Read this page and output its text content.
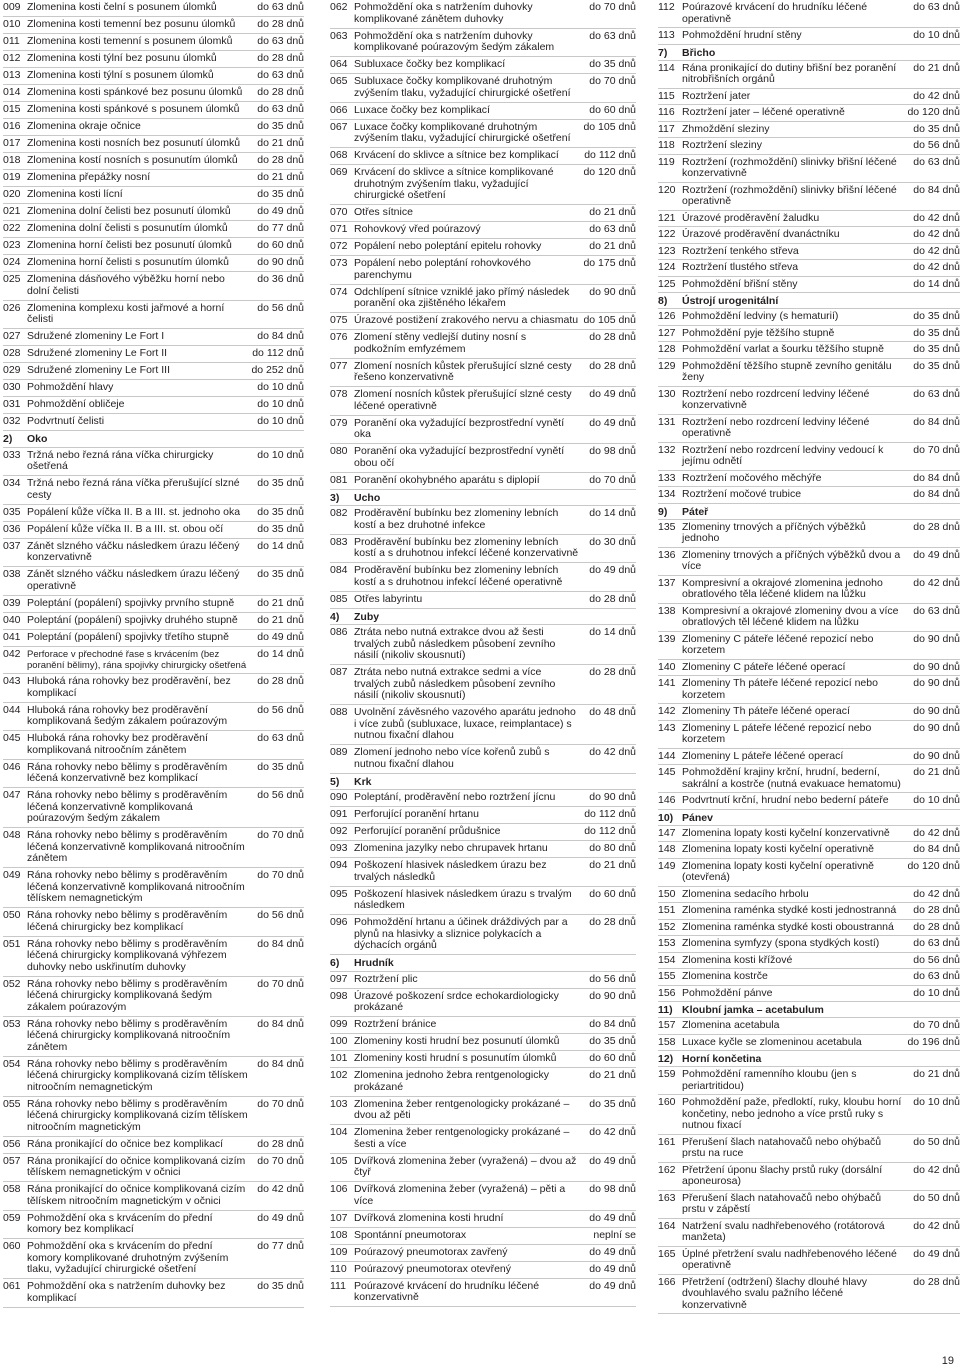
009 Zlomenina kosti čelní s posunem úlomků	do 63 dnů
010 Zlomenina kosti temenní bez posunu úlomků	do 28 dnů
011 Zlomenina kosti temenní s posunem úlomků	do 63 dnů
012 Zlomenina kosti týlní bez posunu úlomků	do 28 dnů
013 Zlomenina kosti týlní s posunem úlomků	do 63 dnů
014 Zlomenina kosti spánkové bez posunu úlomků	do 28 dnů
015 Zlomenina kosti spánkové s posunem úlomků	do 63 dnů
016 Zlomenina okraje očnice	do 35 dnů
017 Zlomenina kosti nosních bez posunutí úlomků	do 21 dnů
018 Zlomenina kostí nosních s posunutím úlomků	do 28 dnů
019 Zlomenina přepážky nosní	do 21 dnů
020 Zlomenina kosti lícní	do 35 dnů
021 Zlomenina dolní čelisti bez posunutí úlomků	do 49 dnů
022 Zlomenina dolní čelisti s posunutím úlomků	do 77 dnů
023 Zlomenina horní čelisti bez posunutí úlomků	do 60 dnů
024 Zlomenina horní čelisti s posunutím úlomků	do 90 dnů
025 Zlomenina dásňového výběžku horní nebo dolní čelisti
do 36 dnů
026 Zlomenina komplexu kosti jařmové a horní čelisti
do 56 dnů
027 Sdružené zlomeniny Le Fort I	do 84 dnů
028 Sdružené zlomeniny Le Fort II	do 112 dnů
029 Sdružené zlomeniny Le Fort III	do 252 dnů
030 Pohmoždění hlavy	do 10 dnů
031 Pohmoždění obličeje	do 10 dnů
032 Podvrtnutí čelisti	do 10 dnů
2) Oko
033 Tržná nebo řezná rána víčka chirurgicky ošetřená
do 10 dnů
034 Tržná nebo řezná rána víčka přerušující slzné cesty
do 35 dnů
035 Popálení kůže víčka II. B a III. st. jednoho oka	do 35 dnů
036 Popálení kůže víčka II. B a III. st. obou očí	do 35 dnů
037 Zánět slzného váčku následkem úrazu léčený konzervativně
do 14 dnů
038 Zánět slzného váčku následkem úrazu léčený operativně
do 35 dnů
039 Poleptání (popálení) spojivky prvního stupně	do 21 dnů
040 Poleptání (popálení) spojivky druhého stupně	do 21 dnů
041 Poleptání (popálení) spojivky třetího stupně	do 49 dnů
042 Perforace v přechodné řase s krvácením (bez poranění bělimy), rána spojivky chirurgicky ošetřená
do 14 dnů
043 Hluboká rána rohovky bez proděravění, bez komplikací
do 28 dnů
044 Hluboká rána rohovky bez proděravění komplikovaná šedým zákalem poúrazovým
do 56 dnů
045 Hluboká rána rohovky bez proděravění komplikovaná nitroočním zánětem
do 63 dnů
046 Rána rohovky nebo bělimy s proděravěním léčená konzervativně bez komplikací
do 35 dnů
047 Rána rohovky nebo bělimy s proděravěním léčená konzervativně komplikovaná poúrazovým šedým zákalem
do 56 dnů
048 Rána rohovky nebo bělimy s proděravěním léčená konzervativně komplikovaná nitroočním zánětem
do 70 dnů
049 Rána rohovky nebo bělimy s proděravěním léčená konzervativně komplikovaná nitroočním tělískem nemagnetickým
do 70 dnů
050 Rána rohovky nebo bělimy s proděravěním léčená chirurgicky bez komplikací
do 56 dnů
051 Rána rohovky nebo bělimy s proděravěním léčená chirurgicky komplikovaná výhřezem duhovky nebo uskřinutím duhovky
do 84 dnů
052 Rána rohovky nebo bělimy s proděravěním léčená chirurgicky komplikovaná šedým zákalem poúrazovým
do 70 dnů
053 Rána rohovky nebo bělimy s proděravěním léčená chirurgicky komplikovaná nitroočním zánětem
do 84 dnů
054 Rána rohovky nebo bělimy s proděravěním léčená chirurgicky komplikovaná cizím tělískem nitroočním nemagnetickým
do 84 dnů
055 Rána rohovky nebo bělimy s proděravěním léčená chirurgicky komplikovaná cizím tělískem nitroočním magnetickým
do 70 dnů
056 Rána pronikající do očnice bez komplikací	do 28 dnů
057 Rána pronikající do očnice komplikovaná cizím tělískem nemagnetickým v očnici
do 70 dnů
058 Rána pronikající do očnice komplikovaná cizím tělískem nitroočním magnetickým v očnici
do 42 dnů
059 Pohmoždění oka s krvácením do přední komory bez komplikací
do 49 dnů
060 Pohmoždění oka s krvácením do přední komory komplikované druhotným zvýšením tlaku, vyžadující chirurgické ošetření
do 77 dnů
061 Pohmoždění oka s natržením duhovky bez komplikací
do 35 dnů
062 Pohmoždění oka s natržením duhovky komplikované zánětem duhovky
do 70 dnů
063 Pohmoždění oka s natržením duhovky komplikované poúrazovým šedým zákalem
do 63 dnů
064 Subluxace čočky bez komplikací	do 35 dnů
065 Subluxace čočky komplikované druhotným zvýšením tlaku, vyžadující chirurgické ošetření
do 70 dnů
066 Luxace čočky bez komplikací	do 60 dnů
067 Luxace čočky komplikované druhotným zvýšením tlaku, vyžadující chirurgické ošetření
do 105 dnů
068 Krvácení do sklivce a sítnice bez komplikací	do 112 dnů
069 Krvácení do sklivce a sítnice komplikované druhotným zvýšením tlaku, vyžadující chirurgické ošetření
do 120 dnů
070 Otřes sítnice	do 21 dnů
071 Rohovkový vřed poúrazový	do 63 dnů
072 Popálení nebo poleptání epitelu rohovky	do 21 dnů
073 Popálení nebo poleptání rohovkového parenchymu
do 175 dnů
074 Odchlípení sítnice vzniklé jako přímý následek poranění oka zjištěného lékařem
do 90 dnů
075 Úrazové postižení zrakového nervu a chiasmatu do 105 dnů
076 Zlomení stěny vedlejší dutiny nosní s podkožním emfyzémem
do 28 dnů
077 Zlomení nosních kůstek přerušující slzné cesty řešeno konzervativně
do 28 dnů
078 Zlomení nosních kůstek přerušující slzné cesty léčené operativně
do 49 dnů
079 Poranění oka vyžadující bezprostřední vynětí oka
do 49 dnů
080 Poranění oka vyžadující bezprostřední vynětí obou očí
do 98 dnů
081 Poranění okohybného aparátu s diplopií	do 70 dnů
3) Ucho
082 Proděravění bubínku bez zlomeniny lebních kostí a bez druhotné infekce
do 14 dnů
083 Proděravění bubínku bez zlomeniny lebních kostí a s druhotnou infekcí léčené konzervativně
do 30 dnů
084 Proděravění bubínku bez zlomeniny lebních kostí a s druhotnou infekcí léčené operativně
do 49 dnů
085 Otřes labyrintu	do 28 dnů
4) Zuby
086 Ztráta nebo nutná extrakce dvou až šesti trvalých zubů následkem působení zevního násilí (nikoliv skousnutí)
do 14 dnů
087 Ztráta nebo nutná extrakce sedmi a více trvalých zubů následkem působení zevního násilí (nikoliv skousnutí)
do 28 dnů
088 Uvolnění závěsného vazového aparátu jednoho i více zubů (subluxace, luxace, reimplantace) s nutnou fixační dlahou
do 48 dnů
089 Zlomení jednoho nebo více kořenů zubů s nutnou fixační dlahou
do 42 dnů
5) Krk
090 Poleptání, proděravění nebo roztržení jícnu	do 90 dnů
091 Perforující poranění hrtanu	do 112 dnů
092 Perforující poranění průdušnice	do 112 dnů
093 Zlomenina jazylky nebo chrupavek hrtanu	do 80 dnů
094 Poškození hlasivek následkem úrazu bez trvalých následků
do 21 dnů
095 Poškození hlasivek následkem úrazu s trvalým následkem
do 60 dnů
096 Pohmoždění hrtanu a účinek dráždivých par a plynů na hlasivky a sliznice polykacích a dýchacích orgánů
do 28 dnů
6) Hrudník
097 Roztržení plic	do 56 dnů
098 Úrazové poškození srdce echokardiologicky prokázané
do 90 dnů
099 Roztržení bránice	do 84 dnů
100 Zlomeniny kosti hrudní bez posunutí úlomků	do 35 dnů
101 Zlomeniny kosti hrudní s posunutím úlomků	do 60 dnů
102 Zlomenina jednoho žebra rentgenologicky prokázané
do 21 dnů
103 Zlomenina žeber rentgenologicky prokázané – dvou až pěti
do 35 dnů
104 Zlomenina žeber rentgenologicky prokázané – šesti a více
do 42 dnů
105 Dvířková zlomenina žeber (vyražená) – dvou až čtyř
do 49 dnů
106 Dvířková zlomenina žeber (vyražená) – pěti a více
do 98 dnů
107 Dvířková zlomenina kosti hrudní	do 49 dnů
108 Spontánní pneumotorax	neplní se
109 Poúrazový pneumotorax zavřený	do 49 dnů
110 Poúrazový pneumotorax otevřený	do 49 dnů
111 Poúrazové krvácení do hrudníku léčené konzervativně
do 49 dnů
112 Poúrazové krvácení do hrudníku léčené operativně
do 63 dnů
113 Pohmoždění hrudní stěny	do 10 dnů
7) Břicho
114 Rána pronikající do dutiny břišní bez poranění nitrobřišních orgánů
do 21 dnů
115 Roztržení jater	do 42 dnů
116 Roztržení jater – léčené operativně	do 120 dnů
117 Zhmoždění sleziny	do 35 dnů
118 Roztržení sleziny	do 56 dnů
119 Roztržení (rozhmoždění) slinivky břišní léčené konzervativně
do 63 dnů
120 Roztržení (rozhmoždění) slinivky břišní léčené operativně
do 84 dnů
121 Úrazové proděravění žaludku	do 42 dnů
122 Úrazové proděravění dvanáctníku	do 42 dnů
123 Roztržení tenkého střeva	do 42 dnů
124 Roztržení tlustého střeva	do 42 dnů
125 Pohmoždění břišní stěny	do 14 dnů
8) Ústrojí urogenitální
126 Pohmoždění ledviny (s hematurií)	do 35 dnů
127 Pohmoždění pyje těžšího stupně	do 35 dnů
128 Pohmoždění varlat a šourku těžšího stupně	do 35 dnů
129 Pohmoždění těžšího stupně zevního genitálu ženy
do 35 dnů
130 Roztržení nebo rozdrcení ledviny léčené konzervativně
do 63 dnů
131 Roztržení nebo rozdrcení ledviny léčené operativně
do 84 dnů
132 Roztržení nebo rozdrcení ledviny vedoucí k jejímu odnětí
do 70 dnů
133 Roztržení močového měchýře	do 84 dnů
134 Roztržení močové trubice	do 84 dnů
9) Páteř
135 Zlomeniny trnových a příčných výběžků jednoho
do 28 dnů
136 Zlomeniny trnových a příčných výběžků dvou a více
do 49 dnů
137 Kompresivní a okrajové zlomenina jednoho obratlového těla léčené klidem na lůžku
do 42 dnů
138 Kompresivní a okrajové zlomeniny dvou a více obratlových těl léčené klidem na lůžku
do 63 dnů
139 Zlomeniny C páteře léčené repozicí nebo korzetem
do 90 dnů
140 Zlomeniny C páteře léčené operací	do 90 dnů
141 Zlomeniny Th páteře léčené repozicí nebo korzetem
do 90 dnů
142 Zlomeniny Th páteře léčené operací	do 90 dnů
143 Zlomeniny L páteře léčené repozicí nebo korzetem
do 90 dnů
144 Zlomeniny L páteře léčené operací	do 90 dnů
145 Pohmoždění krajiny krční, hrudní, bederní, sakrální a kostrče (nutná evakuace hematomu)
do 21 dnů
146 Podvrtnutí krční, hrudní nebo bederní páteře	do 10 dnů
10) Pánev
147 Zlomenina lopaty kosti kyčelní konzervativně	do 42 dnů
148 Zlomenina lopaty kosti kyčelní operativně	do 84 dnů
149 Zlomenina lopaty kosti kyčelní operativně (otevřená)
do 120 dnů
150 Zlomenina sedacího hrbolu	do 42 dnů
151 Zlomenina raménka stydké kosti jednostranná	do 28 dnů
152 Zlomenina raménka stydké kosti oboustranná	do 28 dnů
153 Zlomenina symfyzy (spona stydkých kostí)	do 63 dnů
154 Zlomenina kosti křížové	do 56 dnů
155 Zlomenina kostrče	do 63 dnů
156 Pohmoždění pánve	do 10 dnů
11) Kloubní jamka – acetabulum
157 Zlomenina acetabula	do 70 dnů
158 Luxace kyčle se zlomeninou acetabula	do 196 dnů
12) Horní končetina
159 Pohmoždění ramenního kloubu (jen s periartritidou)
do 21 dnů
160 Pohmoždění paže, předloktí, ruky, kloubu horní končetiny, nebo jednoho a více prstů ruky s nutnou fixací
do 10 dnů
161 Přerušení šlach natahovačů nebo ohýbačů prstu na ruce
do 50 dnů
162 Přetržení úponu šlachy prstů ruky (dorsální aponeurosa)
do 42 dnů
163 Přerušení šlach natahovačů nebo ohýbačů prstu v zápěstí
do 50 dnů
164 Natržení svalu nadhřebenového (rotátorová manžeta)
do 42 dnů
165 Úplné přetržení svalu nadhřebenového léčené operativně
do 49 dnů
166 Přetržení (odtržení) šlachy dlouhé hlavy dvouhlavého svalu pažního léčené konzervativně
do 28 dnů
19
